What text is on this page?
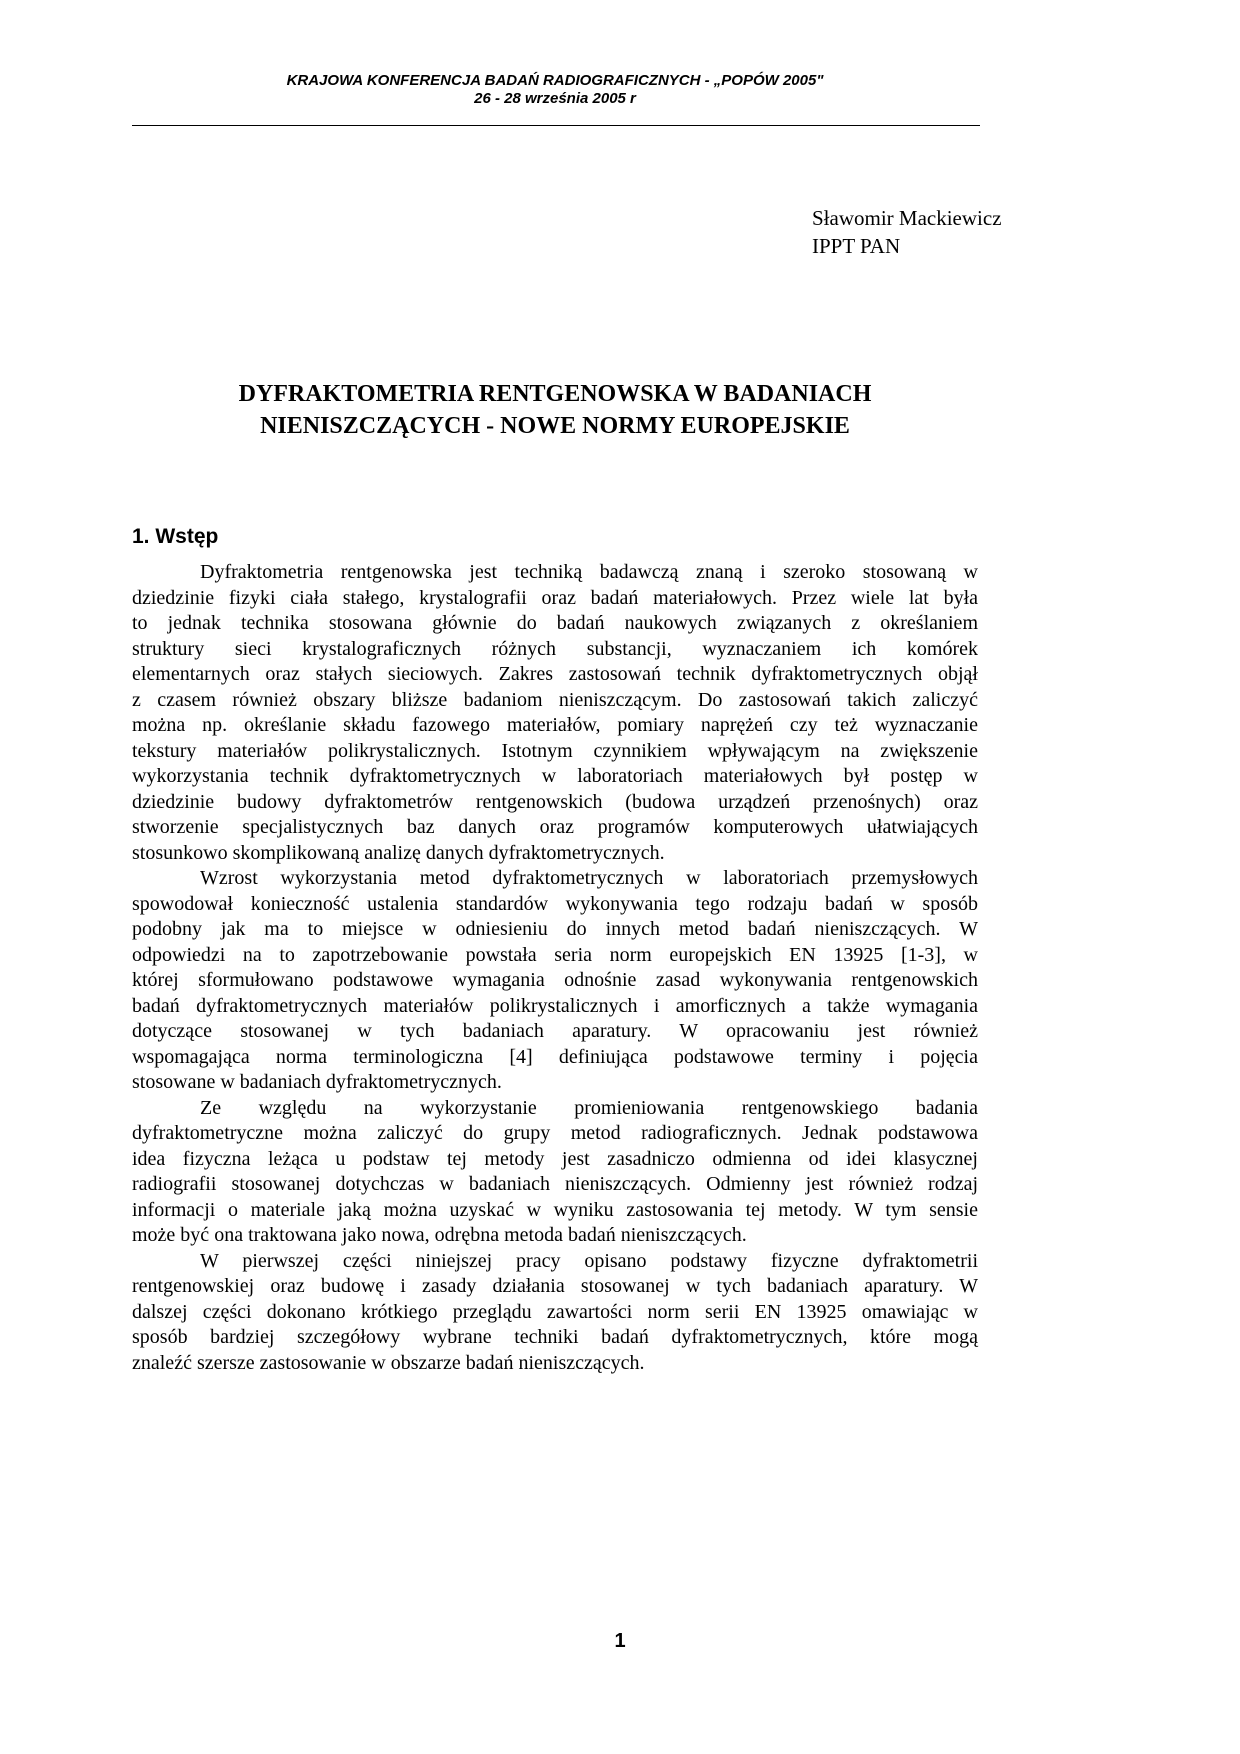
KRAJOWA KONFERENCJA BADAŃ RADIOGRAFICZNYCH - „POPÓW 2005"
26 - 28 września 2005 r
Sławomir Mackiewicz
IPPT PAN
DYFRAKTOMETRIA RENTGENOWSKA W BADANIACH
NIENISZCZĄCYCH - NOWE NORMY EUROPEJSKIE
1. Wstęp
Dyfraktometria rentgenowska jest techniką badawczą znaną i szeroko stosowaną w
dziedzinie fizyki ciała stałego, krystalografii oraz badań materiałowych. Przez wiele lat była
to jednak technika stosowana głównie do badań naukowych związanych z określaniem
struktury sieci krystalograficznych różnych substancji, wyznaczaniem ich komórek
elementarnych oraz stałych sieciowych. Zakres zastosowań technik dyfraktometrycznych objął
z czasem również obszary bliższe badaniom nieniszczącym. Do zastosowań takich zaliczyć
można np. określanie składu fazowego materiałów, pomiary naprężeń czy też wyznaczanie
tekstury materiałów polikrystalicznych. Istotnym czynnikiem wpływającym na zwiększenie
wykorzystania technik dyfraktometrycznych w laboratoriach materiałowych był postęp w
dziedzinie budowy dyfraktometrów rentgenowskich (budowa urządzeń przenośnych) oraz
stworzenie specjalistycznych baz danych oraz programów komputerowych ułatwiających
stosunkowo skomplikowaną analizę danych dyfraktometrycznych.
Wzrost wykorzystania metod dyfraktometrycznych w laboratoriach przemysłowych
spowodował konieczność ustalenia standardów wykonywania tego rodzaju badań w sposób
podobny jak ma to miejsce w odniesieniu do innych metod badań nieniszczących. W
odpowiedzi na to zapotrzebowanie powstała seria norm europejskich EN 13925 [1-3], w
której sformułowano podstawowe wymagania odnośnie zasad wykonywania rentgenowskich
badań dyfraktometrycznych materiałów polikrystalicznych i amorficznych a także wymagania
dotyczące stosowanej w tych badaniach aparatury. W opracowaniu jest również
wspomagająca norma terminologiczna [4] definiująca podstawowe terminy i pojęcia
stosowane w badaniach dyfraktometrycznych.
Ze względu na wykorzystanie promieniowania rentgenowskiego badania
dyfraktometryczne można zaliczyć do grupy metod radiograficznych. Jednak podstawowa
idea fizyczna leżąca u podstaw tej metody jest zasadniczo odmienna od idei klasycznej
radiografii stosowanej dotychczas w badaniach nieniszczących. Odmienny jest również rodzaj
informacji o materiale jaką można uzyskać w wyniku zastosowania tej metody. W tym sensie
może być ona traktowana jako nowa, odrębna metoda badań nieniszczących.
W pierwszej części niniejszej pracy opisano podstawy fizyczne dyfraktometrii
rentgenowskiej oraz budowę i zasady działania stosowanej w tych badaniach aparatury. W
dalszej części dokonano krótkiego przeglądu zawartości norm serii EN 13925 omawiając w
sposób bardziej szczegółowy wybrane techniki badań dyfraktometrycznych, które mogą
znaleźć szersze zastosowanie w obszarze badań nieniszczących.
1
